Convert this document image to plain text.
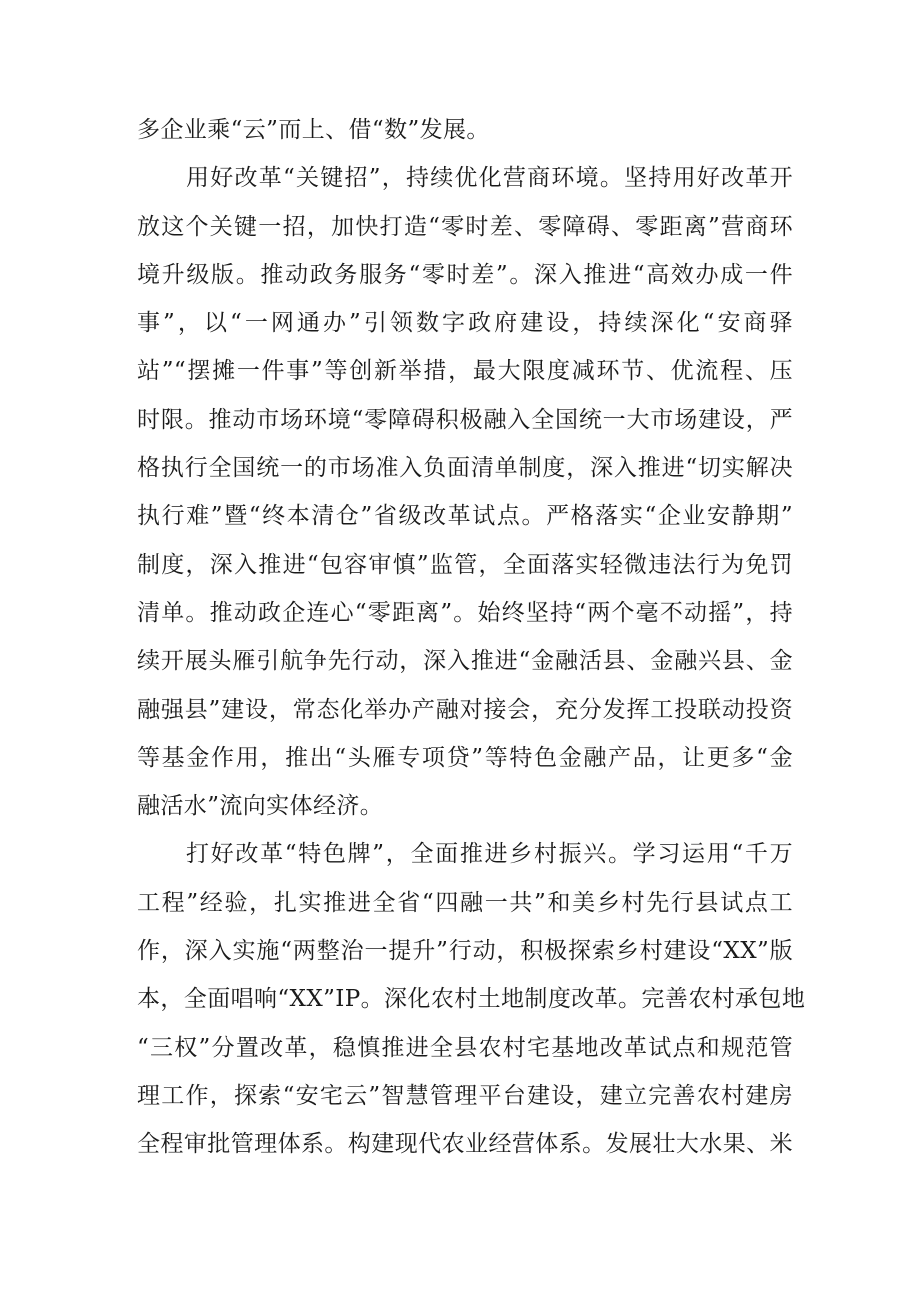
多企业乘“云”而上、借“数”发展。
用好改革“关键招”，持续优化营商环境。坚持用好改革开
放这个关键一招，加快打造“零时差、零障碍、零距离”营商环
境升级版。推动政务服务“零时差”。深入推进“高效办成一件
事”，以“一网通办”引领数字政府建设，持续深化“安商驿
站”“摆摊一件事”等创新举措，最大限度减环节、优流程、压
时限。推动市场环境“零障碍积极融入全国统一大市场建设，严
格执行全国统一的市场准入负面清单制度，深入推进“切实解决
执行难”暨“终本清仓”省级改革试点。严格落实“企业安静期”
制度，深入推进“包容审慎”监管，全面落实轻微违法行为免罚
清单。推动政企连心“零距离”。始终坚持“两个毫不动摇”，持
续开展头雁引航争先行动，深入推进“金融活县、金融兴县、金
融强县”建设，常态化举办产融对接会，充分发挥工投联动投资
等基金作用，推出“头雁专项贷”等特色金融产品，让更多“金
融活水”流向实体经济。
打好改革“特色牌”，全面推进乡村振兴。学习运用“千万
工程”经验，扎实推进全省“四融一共”和美乡村先行县试点工
作，深入实施“两整治一提升”行动，积极探索乡村建设“XX”版
本，全面唱响“XX”IP。深化农村土地制度改革。完善农村承包地
“三权”分置改革，稳慎推进全县农村宅基地改革试点和规范管
理工作，探索“安宅云”智慧管理平台建设，建立完善农村建房
全程审批管理体系。构建现代农业经营体系。发展壮大水果、米
